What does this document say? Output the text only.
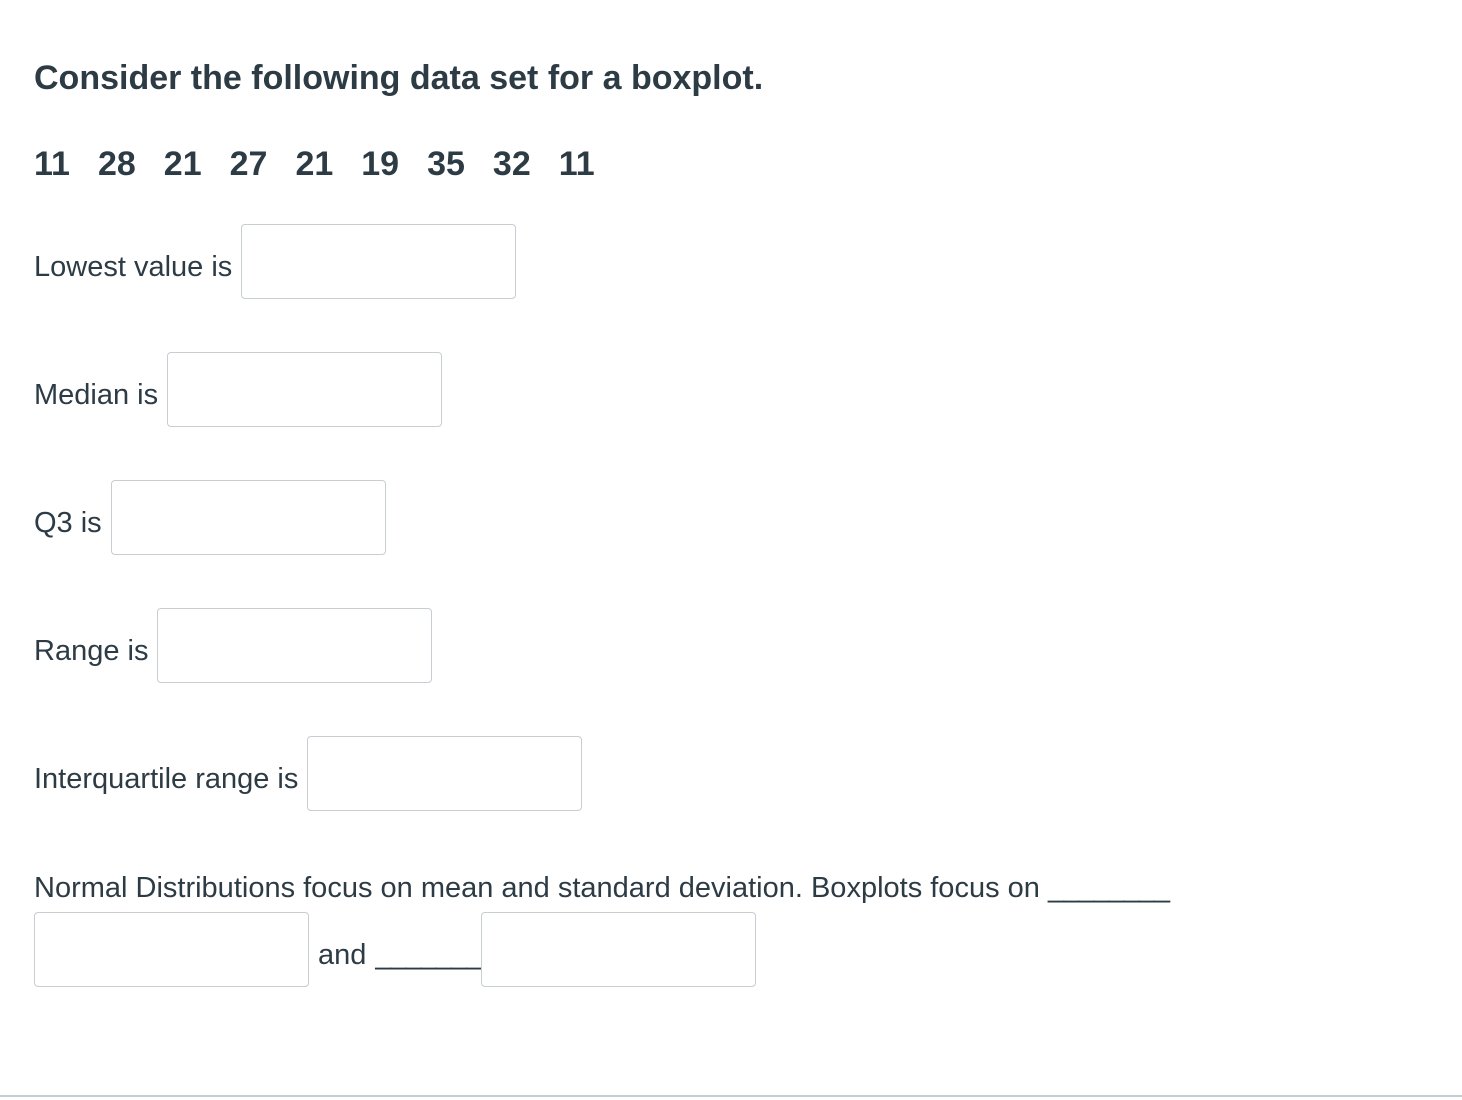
Consider the following data set for a boxplot.
11 28 21 27 21 19 35 32 11
Lowest value is
Median is
Q3 is
Range is
Interquartile range is
Normal Distributions focus on mean and standard deviation. Boxplots focus on ________
and _______
